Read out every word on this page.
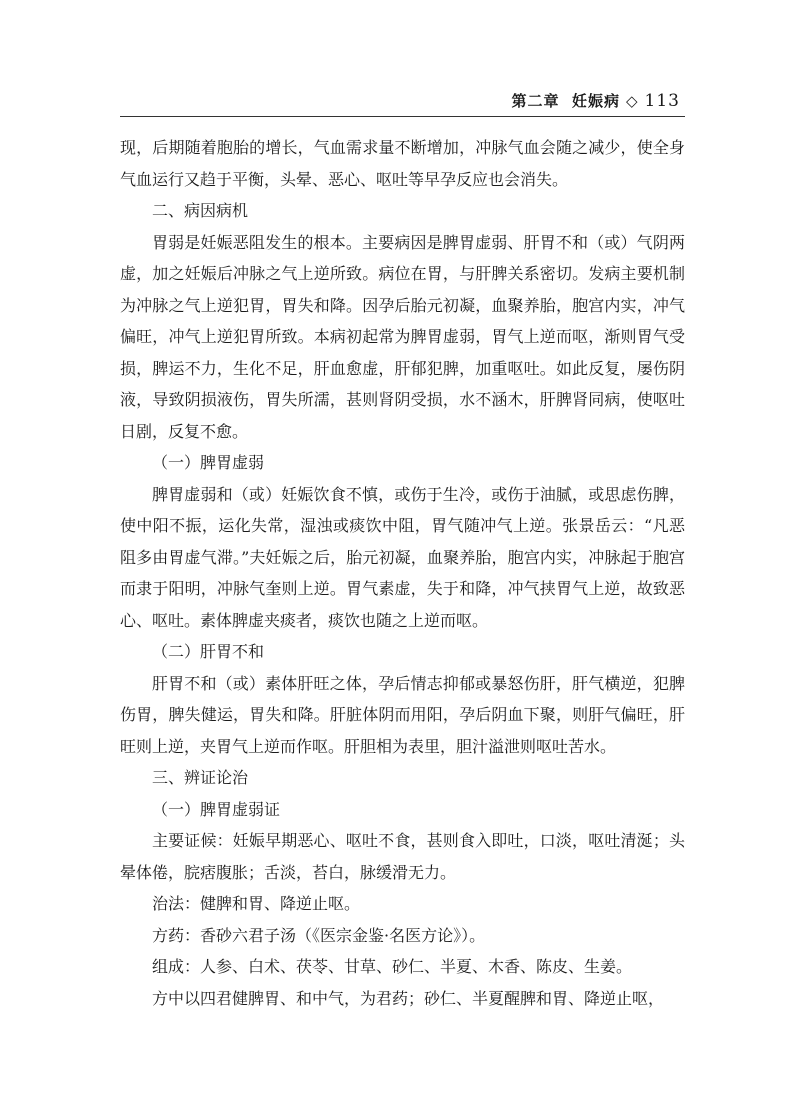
第二章 妊娠病 ◇ 113

现，后期随着胞胎的增长，气血需求量不断增加，冲脉气血会随之减少，使全身气血运行又趋于平衡，头晕、恶心、呕吐等早孕反应也会消失。

二、病因病机

胃弱是妊娠恶阻发生的根本。主要病因是脾胃虚弱、肝胃不和（或）气阴两虚，加之妊娠后冲脉之气上逆所致。病位在胃，与肝脾关系密切。发病主要机制为冲脉之气上逆犯胃，胃失和降。因孕后胎元初凝，血聚养胎，胞宫内实，冲气偏旺，冲气上逆犯胃所致。本病初起常为脾胃虚弱，胃气上逆而呕，渐则胃气受损，脾运不力，生化不足，肝血愈虚，肝郁犯脾，加重呕吐。如此反复，屡伤阴液，导致阴损液伤，胃失所濡，甚则肾阴受损，水不涵木，肝脾肾同病，使呕吐日剧，反复不愈。

（一）脾胃虚弱

脾胃虚弱和（或）妊娠饮食不慎，或伤于生冷，或伤于油腻，或思虑伤脾，使中阳不振，运化失常，湿浊或痰饮中阻，胃气随冲气上逆。张景岳云：“凡恶阻多由胃虚气滞。”夫妊娠之后，胎元初凝，血聚养胎，胞宫内实，冲脉起于胞宫而隶于阳明，冲脉气奎则上逆。胃气素虚，失于和降，冲气挟胃气上逆，故致恶心、呕吐。素体脾虚夹痰者，痰饮也随之上逆而呕。

（二）肝胃不和

肝胃不和（或）素体肝旺之体，孕后情志抑郁或暴怒伤肝，肝气横逆，犯脾伤胃，脾失健运，胃失和降。肝脏体阴而用阳，孕后阴血下聚，则肝气偏旺，肝旺则上逆，夹胃气上逆而作呕。肝胆相为表里，胆汁溢泄则呕吐苦水。

三、辨证论治
（一）脾胃虚弱证

主要证候：妊娠早期恶心、呕吐不食，甚则食入即吐，口淡，呕吐清涎；头晕体倦，脘痞腹胀；舌淡，苔白，脉缓滑无力。

治法：健脾和胃、降逆止呕。

方药：香砂六君子汤（《医宗金鉴·名医方论》）。

组成：人参、白术、茯苓、甘草、砂仁、半夏、木香、陈皮、生姜。

方中以四君健脾胃、和中气，为君药；砂仁、半夏醒脾和胃、降逆止呕，
